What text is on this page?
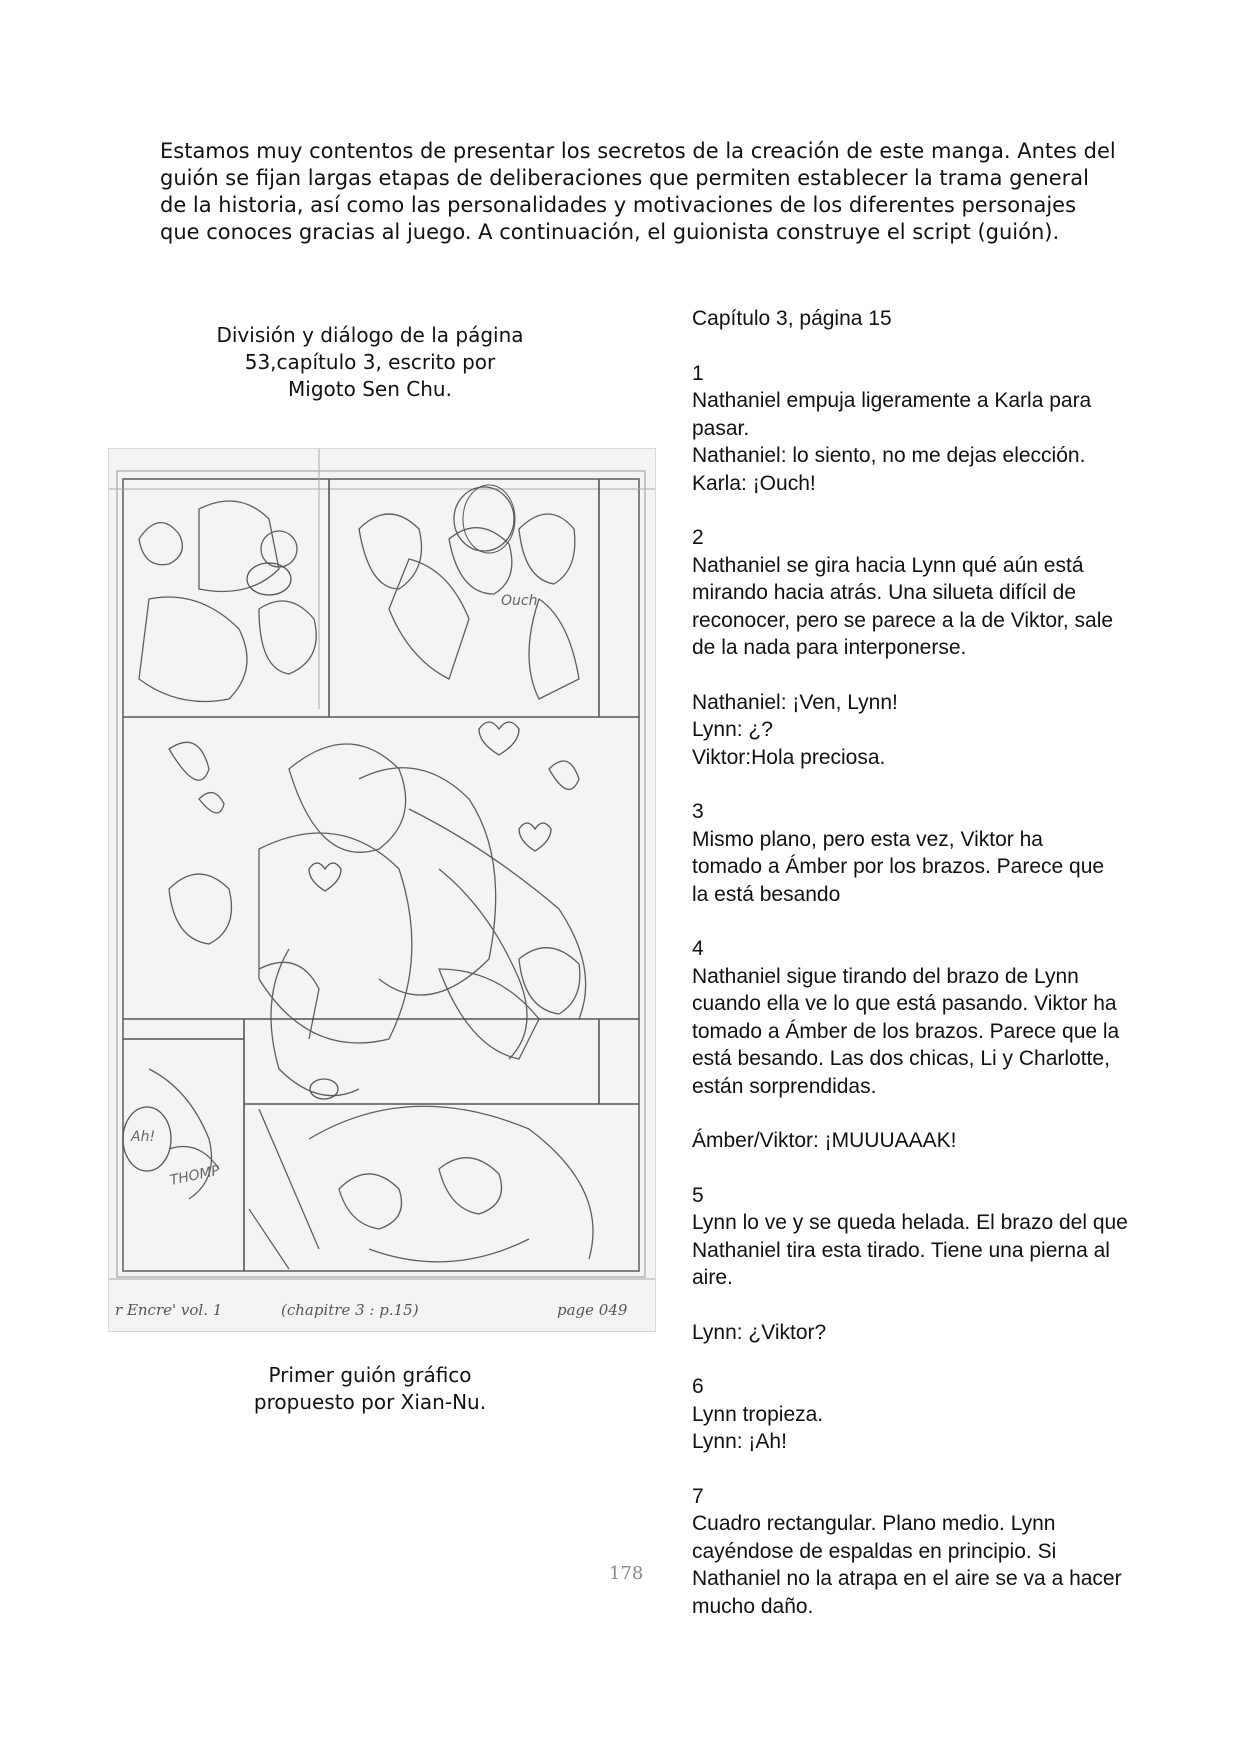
Estamos muy contentos de presentar los secretos de la creación de este manga. Antes del

guión se fijan largas etapas de deliberaciones que permiten establecer la trama general

de la historia, así como las personalidades y motivaciones de los diferentes personajes

que conoces gracias al juego. A continuación, el guionista construye el script (guión).

División y diálogo de la página
53,capítulo 3, escrito por
Migoto Sen Chu.
Ah!
THOMP
Ouch
r Encre' vol. 1	(chapitre 3 : p.15)	page 049
Primer guión gráfico
propuesto por Xian-Nu.
Capítulo 3, página 15
1
Nathaniel empuja ligeramente a Karla para
pasar.
Nathaniel: lo siento, no me dejas elección.
Karla: ¡Ouch!
2
Nathaniel se gira hacia Lynn qué aún está
mirando hacia atrás. Una silueta difícil de
reconocer, pero se parece a la de Viktor, sale
de la nada para interponerse.
Nathaniel: ¡Ven, Lynn!
Lynn: ¿?
Viktor:Hola preciosa.
3
Mismo plano, pero esta vez, Viktor ha
tomado a Ámber por los brazos. Parece que
la está besando
4
Nathaniel sigue tirando del brazo de Lynn
cuando ella ve lo que está pasando. Viktor ha
tomado a Ámber de los brazos. Parece que la
está besando. Las dos chicas, Li y Charlotte,
están sorprendidas.
Ámber/Viktor: ¡MUUUAAAK!
5
Lynn lo ve y se queda helada. El brazo del que
Nathaniel tira esta tirado. Tiene una pierna al
aire.
Lynn: ¿Viktor?
6
Lynn tropieza.
Lynn: ¡Ah!
7
Cuadro rectangular. Plano medio. Lynn
cayéndose de espaldas en principio. Si
Nathaniel no la atrapa en el aire se va a hacer
mucho daño.
178
